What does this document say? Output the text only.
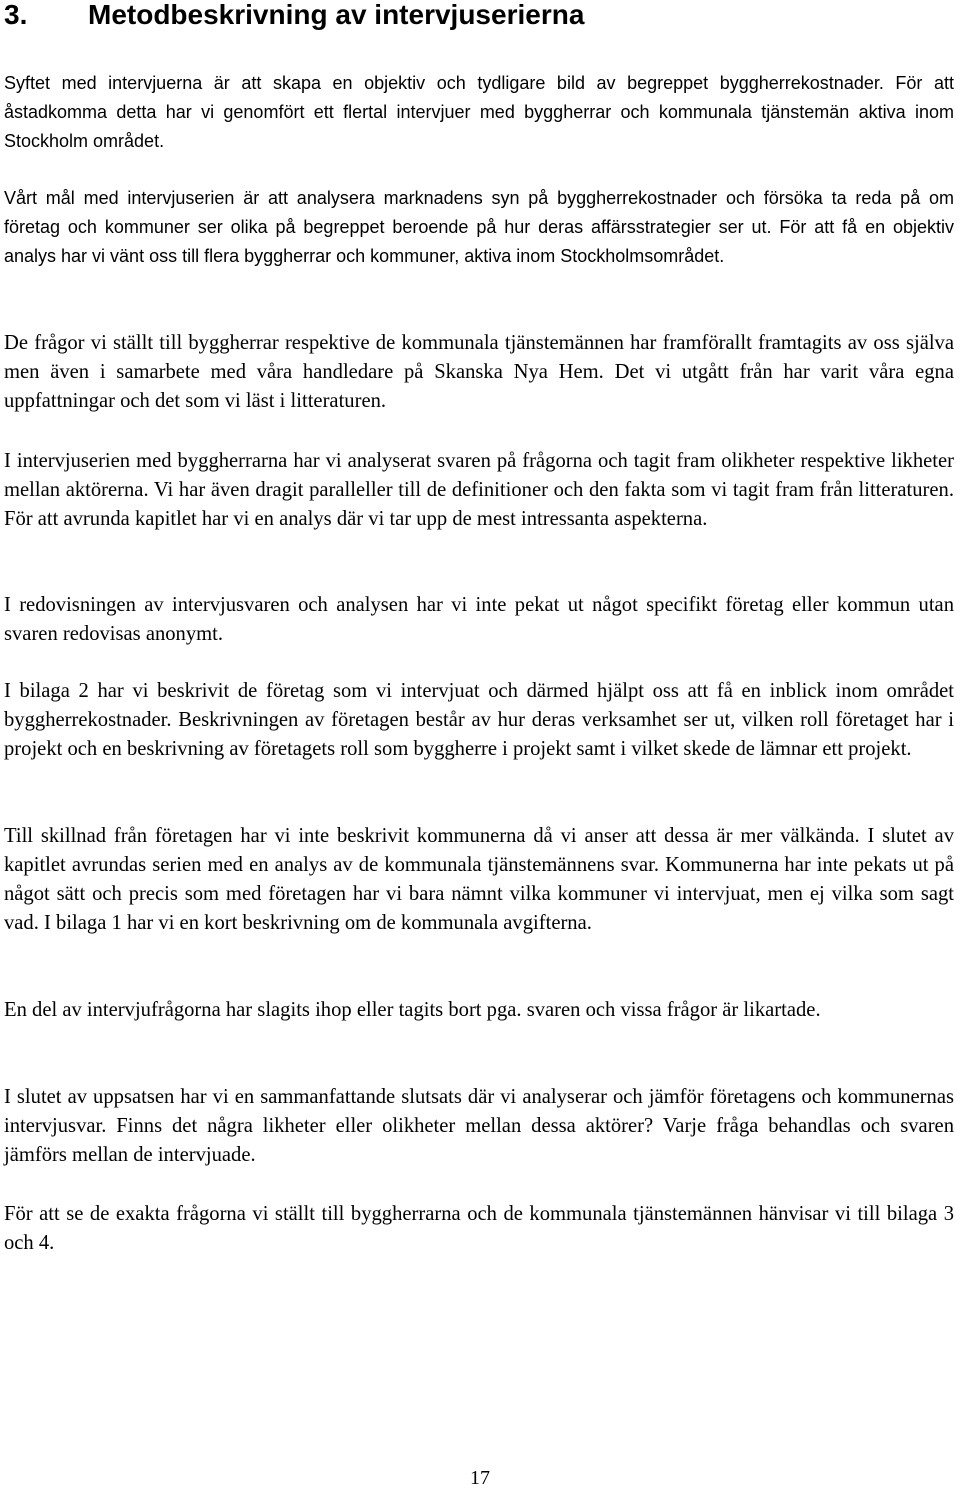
3. Metodbeskrivning av intervjuserierna

Syftet med intervjuerna är att skapa en objektiv och tydligare bild av begreppet byggherrekostnader. För att åstadkomma detta har vi genomfört ett flertal intervjuer med byggherrar och kommunala tjänstemän aktiva inom Stockholm området.

Vårt mål med intervjuserien är att analysera marknadens syn på byggherrekostnader och försöka ta reda på om företag och kommuner ser olika på begreppet beroende på hur deras affärsstrategier ser ut. För att få en objektiv analys har vi vänt oss till flera byggherrar och kommuner, aktiva inom Stockholmsområdet.

De frågor vi ställt till byggherrar respektive de kommunala tjänstemännen har framförallt framtagits av oss själva men även i samarbete med våra handledare på Skanska Nya Hem. Det vi utgått från har varit våra egna uppfattningar och det som vi läst i litteraturen.

I intervjuserien med byggherrarna har vi analyserat svaren på frågorna och tagit fram olikheter respektive likheter mellan aktörerna. Vi har även dragit paralleller till de definitioner och den fakta som vi tagit fram från litteraturen. För att avrunda kapitlet har vi en analys där vi tar upp de mest intressanta aspekterna.

I redovisningen av intervjusvaren och analysen har vi inte pekat ut något specifikt företag eller kommun utan svaren redovisas anonymt.

I bilaga 2 har vi beskrivit de företag som vi intervjuat och därmed hjälpt oss att få en inblick inom området byggherrekostnader. Beskrivningen av företagen består av hur deras verksamhet ser ut, vilken roll företaget har i projekt och en beskrivning av företagets roll som byggherre i projekt samt i vilket skede de lämnar ett projekt.

Till skillnad från företagen har vi inte beskrivit kommunerna då vi anser att dessa är mer välkända. I slutet av kapitlet avrundas serien med en analys av de kommunala tjänstemännens svar. Kommunerna har inte pekats ut på något sätt och precis som med företagen har vi bara nämnt vilka kommuner vi intervjuat, men ej vilka som sagt vad. I bilaga 1 har vi en kort beskrivning om de kommunala avgifterna.

En del av intervjufrågorna har slagits ihop eller tagits bort pga. svaren och vissa frågor är likartade.

I slutet av uppsatsen har vi en sammanfattande slutsats där vi analyserar och jämför företagens och kommunernas intervjusvar. Finns det några likheter eller olikheter mellan dessa aktörer? Varje fråga behandlas och svaren jämförs mellan de intervjuade.

För att se de exakta frågorna vi ställt till byggherrarna och de kommunala tjänstemännen hänvisar vi till bilaga 3 och 4.

17
